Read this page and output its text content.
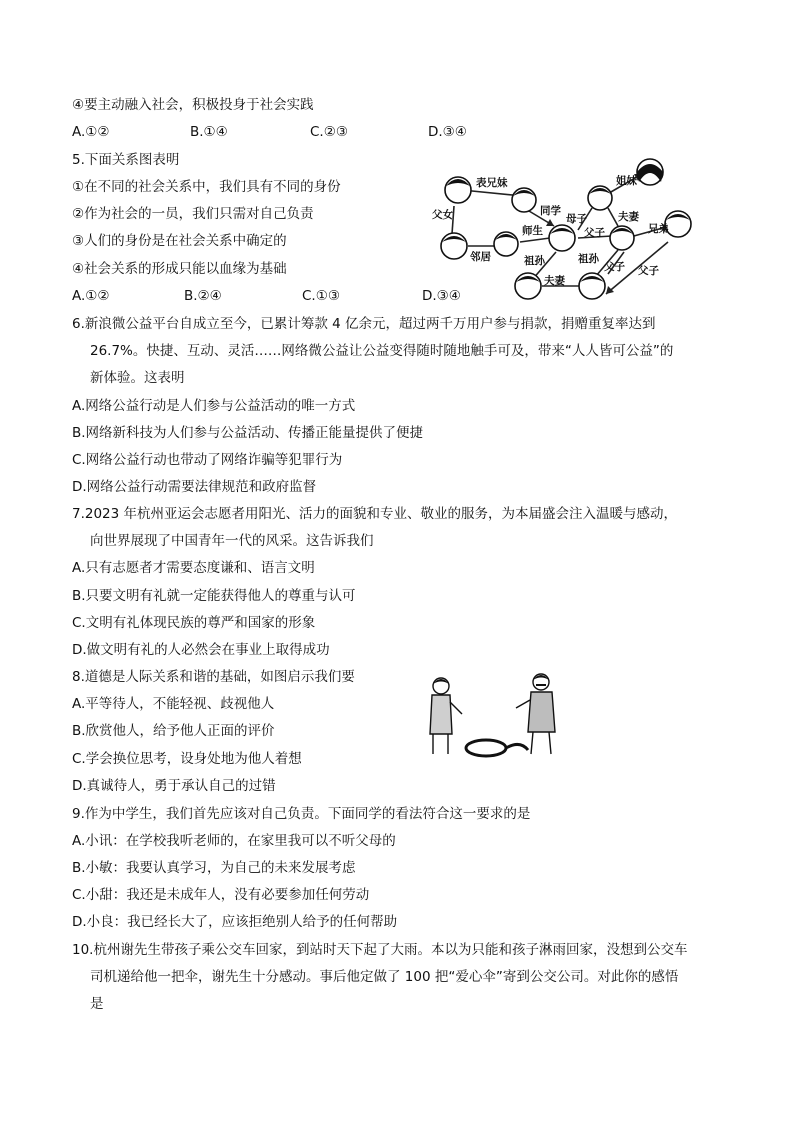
④要主动融入社会，积极投身于社会实践
A.①②	B.①④	C.②③	D.③④
5.下面关系图表明
①在不同的社会关系中，我们具有不同的身份
②作为社会的一员，我们只需对自己负责
③人们的身份是在社会关系中确定的
④社会关系的形成只能以血缘为基础
A.①②	B.②④	C.①③	D.③④
表兄妹
父女	同学
母子
姐妹
夫妻
师生	父子	兄弟
邻居	祖孙	祖孙
父子
夫妻
父子
6.新浪微公益平台自成立至今，已累计筹款 4 亿余元，超过两千万用户参与捐款，捐赠重复率达到
26.7%。快捷、互动、灵活……网络微公益让公益变得随时随地触手可及，带来“人人皆可公益”的
新体验。这表明
A.网络公益行动是人们参与公益活动的唯一方式
B.网络新科技为人们参与公益活动、传播正能量提供了便捷
C.网络公益行动也带动了网络诈骗等犯罪行为
D.网络公益行动需要法律规范和政府监督
7.2023 年杭州亚运会志愿者用阳光、活力的面貌和专业、敬业的服务，为本届盛会注入温暖与感动，
向世界展现了中国青年一代的风采。这告诉我们
A.只有志愿者才需要态度谦和、语言文明
B.只要文明有礼就一定能获得他人的尊重与认可
C.文明有礼体现民族的尊严和国家的形象
D.做文明有礼的人必然会在事业上取得成功
8.道德是人际关系和谐的基础，如图启示我们要
A.平等待人，不能轻视、歧视他人
B.欣赏他人，给予他人正面的评价
C.学会换位思考，设身处地为他人着想
D.真诚待人，勇于承认自己的过错
6
9.作为中学生，我们首先应该对自己负责。下面同学的看法符合这一要求的是
A.小讯：在学校我听老师的，在家里我可以不听父母的
B.小敏：我要认真学习，为自己的未来发展考虑
C.小甜：我还是未成年人，没有必要参加任何劳动
D.小良：我已经长大了，应该拒绝别人给予的任何帮助
10.杭州谢先生带孩子乘公交车回家，到站时天下起了大雨。本以为只能和孩子淋雨回家，没想到公交车
司机递给他一把伞，谢先生十分感动。事后他定做了 100 把“爱心伞”寄到公交公司。对此你的感悟
是
